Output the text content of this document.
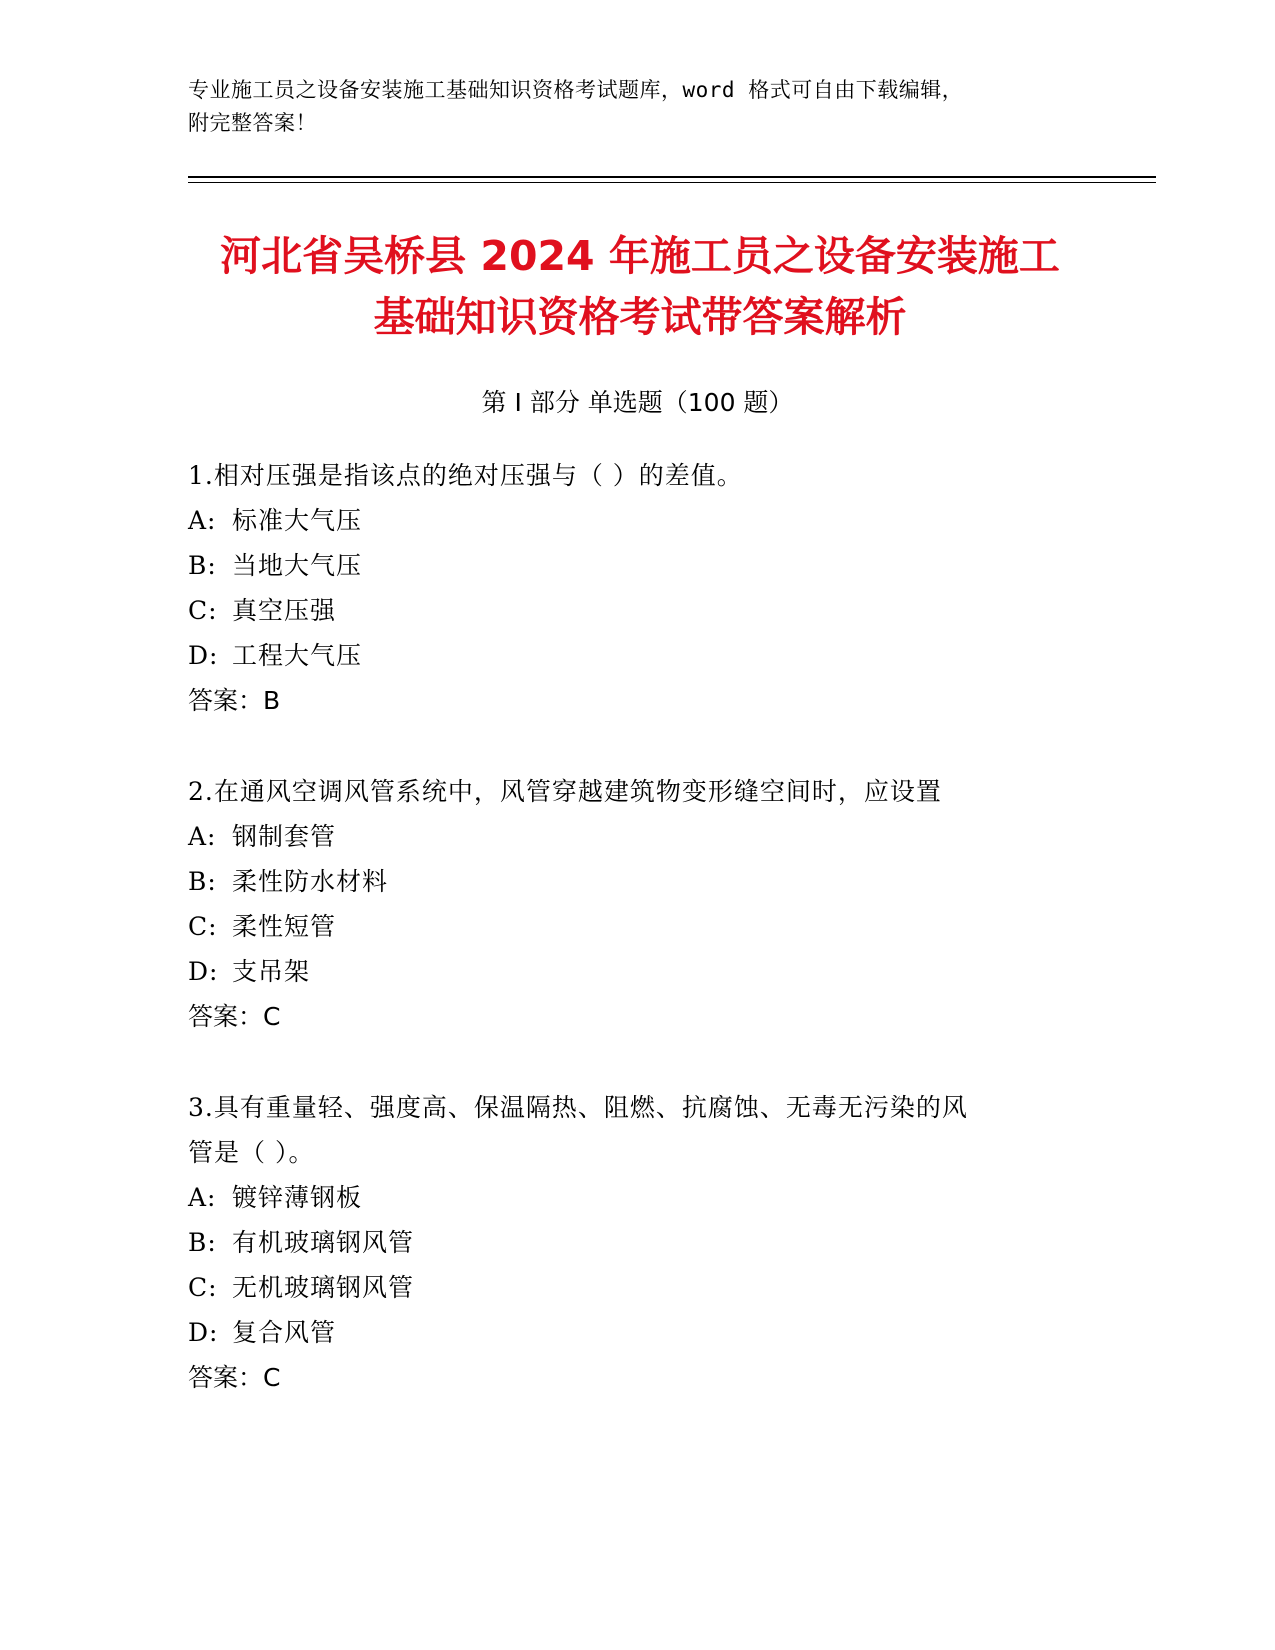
专业施工员之设备安装施工基础知识资格考试题库，word 格式可自由下载编辑，
附完整答案！
河北省吴桥县 2024 年施工员之设备安装施工
基础知识资格考试带答案解析
第 I 部分 单选题（100 题）
1.相对压强是指该点的绝对压强与（ ）的差值。
A: 标准大气压
B: 当地大气压
C: 真空压强
D: 工程大气压
答案：B
2.在通风空调风管系统中，风管穿越建筑物变形缝空间时，应设置
A: 钢制套管
B: 柔性防水材料
C: 柔性短管
D: 支吊架
答案：C
3.具有重量轻、强度高、保温隔热、阻燃、抗腐蚀、无毒无污染的风
管是（ ）。
A: 镀锌薄钢板
B: 有机玻璃钢风管
C: 无机玻璃钢风管
D: 复合风管
答案：C
